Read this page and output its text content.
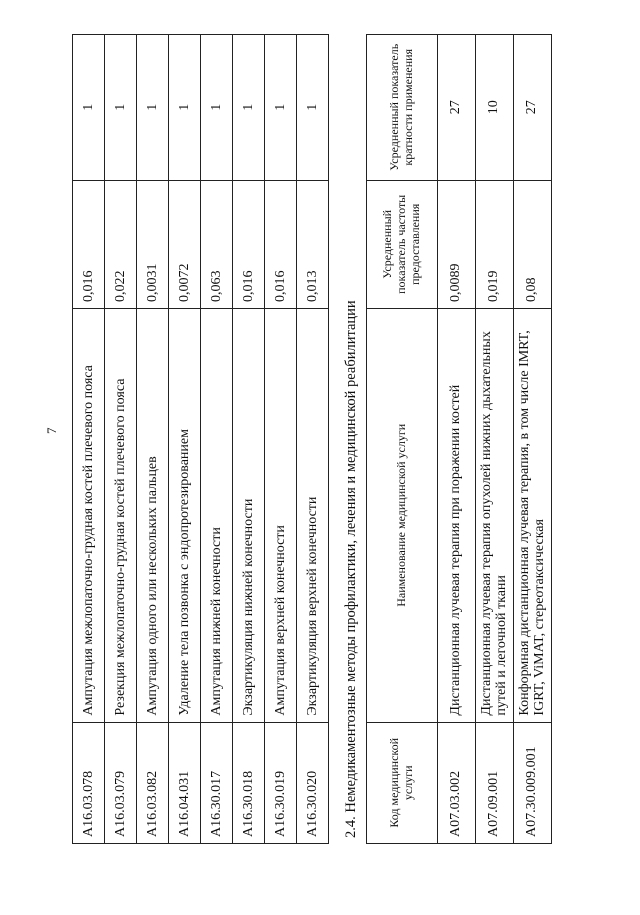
7
A16.03.078	Ампутация межлопаточно-грудная костей плечевого пояса	0,016	1
A16.03.079	Резекция межлопаточно-грудная костей плечевого пояса	0,022	1
A16.03.082	Ампутация одного или нескольких пальцев	0,0031	1
A16.04.031	Удаление тела позвонка с эндопротезированием	0,0072	1
A16.30.017	Ампутация нижней конечности	0,063	1
A16.30.018	Экзартикуляция нижней конечности	0,016	1
A16.30.019	Ампутация верхней конечности	0,016	1
A16.30.020	Экзартикуляция верхней конечности	0,013	1
2.4. Немедикаментозные методы профилактики, лечения и медицинской реабилитации Код медицинской услуги	Наименование медицинской услуги	Усредненный показатель частоты предоставления	Усредненный показатель кратности применения
A07.03.002	Дистанционная лучевая терапия при поражении костей	0,0089	27
A07.09.001	Дистанционная лучевая терапия опухолей нижних дыхательных путей и легочной ткани	0,019	10
A07.30.009.001	Конформная дистанционная лучевая терапия, в том числе IMRT, IGRT, ViMAT, стереотаксическая	0,08	27
